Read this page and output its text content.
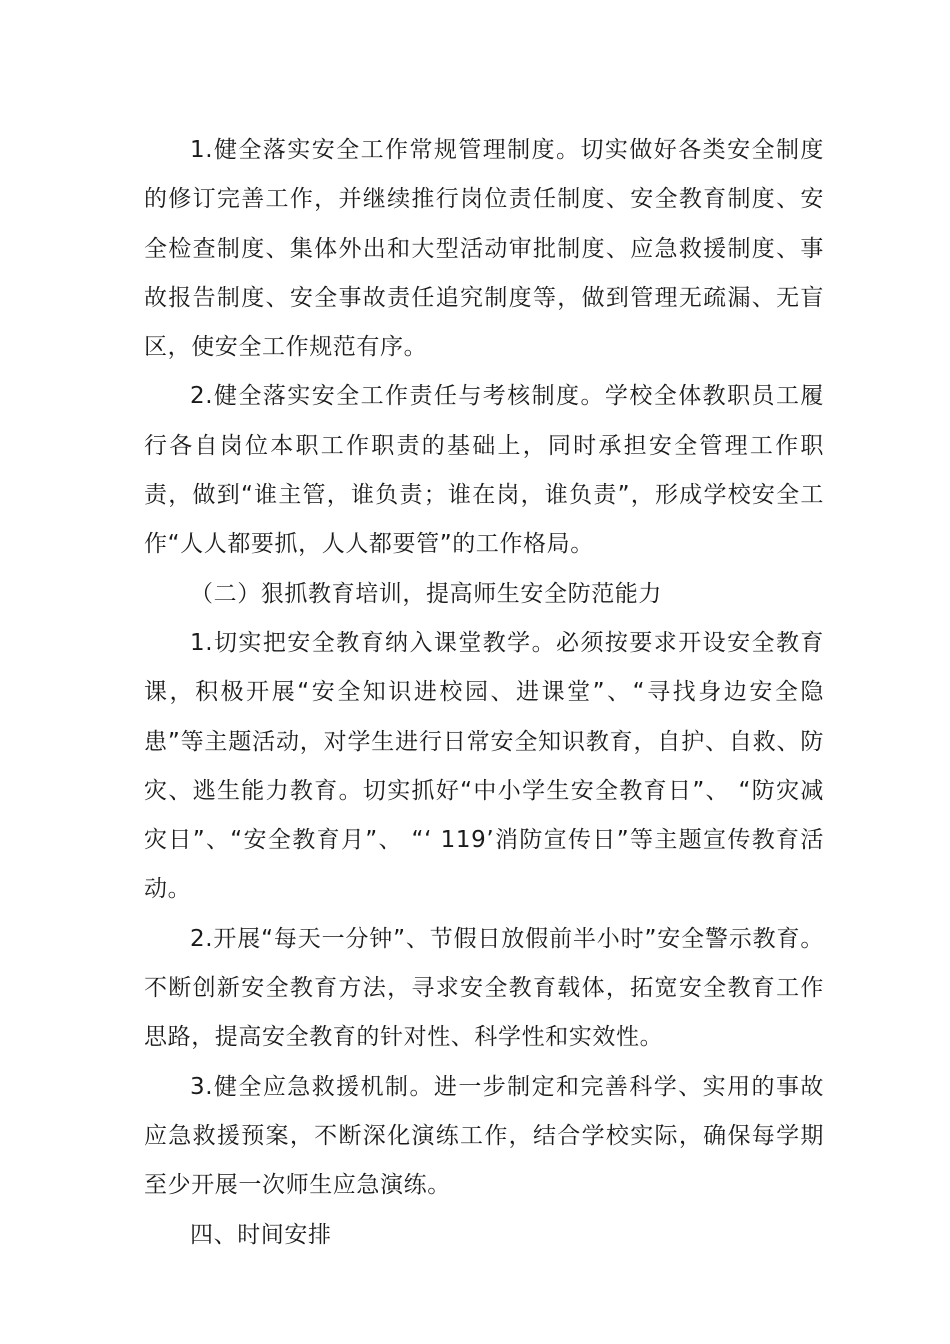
1.健全落实安全工作常规管理制度。切实做好各类安全制度的修订完善工作，并继续推行岗位责任制度、安全教育制度、安全检查制度、集体外出和大型活动审批制度、应急救援制度、事故报告制度、安全事故责任追究制度等，做到管理无疏漏、无盲区，使安全工作规范有序。

2.健全落实安全工作责任与考核制度。学校全体教职员工履行各自岗位本职工作职责的基础上，同时承担安全管理工作职责，做到“谁主管，谁负责；谁在岗，谁负责”，形成学校安全工作“人人都要抓，人人都要管”的工作格局。

（二）狠抓教育培训，提高师生安全防范能力

1.切实把安全教育纳入课堂教学。必须按要求开设安全教育课，积极开展“安全知识进校园、进课堂”、“寻找身边安全隐患”等主题活动，对学生进行日常安全知识教育，自护、自救、防灾、逃生能力教育。切实抓好“中小学生安全教育日”、 “防灾减灾日”、“安全教育月”、 “‘ 119’消防宣传日”等主题宣传教育活动。

2.开展“每天一分钟”、节假日放假前半小时”安全警示教育。不断创新安全教育方法，寻求安全教育载体，拓宽安全教育工作思路，提高安全教育的针对性、科学性和实效性。

3.健全应急救援机制。进一步制定和完善科学、实用的事故应急救援预案，不断深化演练工作，结合学校实际，确保每学期至少开展一次师生应急演练。

四、时间安排
